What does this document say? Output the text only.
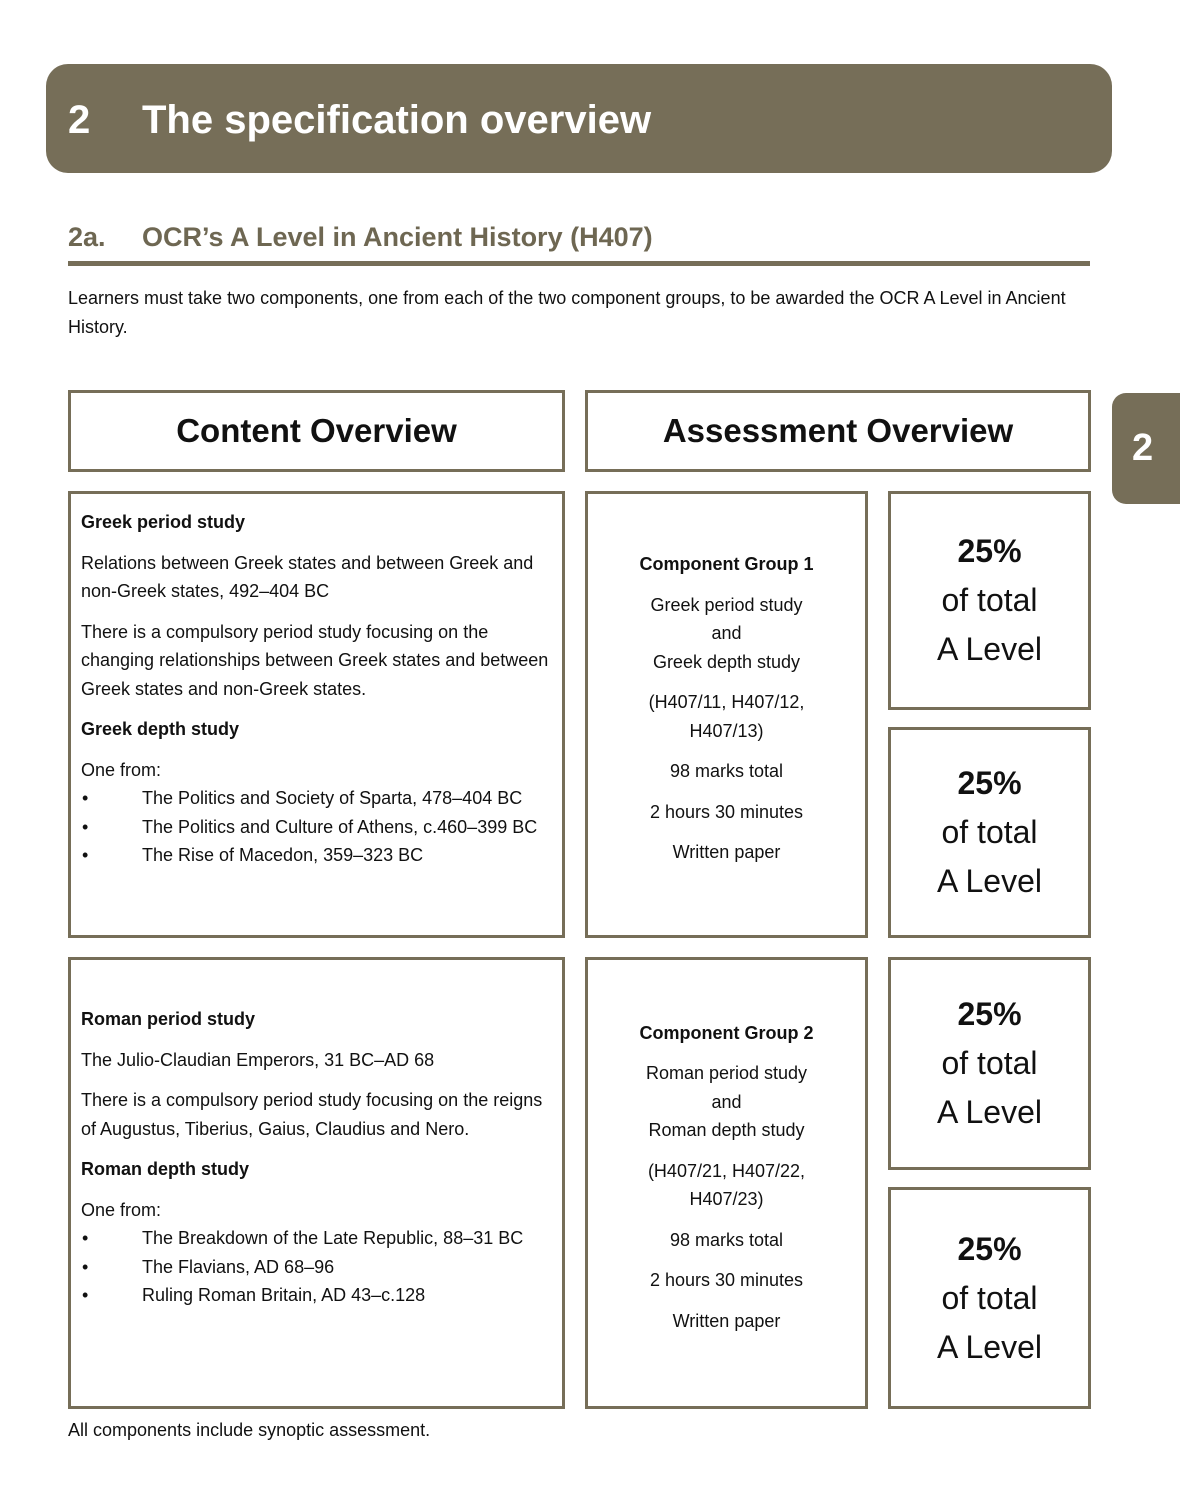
2 The specification overview
2
2a. OCR’s A Level in Ancient History (H407)
Learners must take two components, one from each of the two component groups, to be awarded the OCR A Level in Ancient History.
Content Overview	Assessment Overview

Greek period study

Relations between Greek states and between Greek and non-Greek states, 492–404 BC

There is a compulsory period study focusing on the changing relationships between Greek states and between Greek states and non-Greek states.

Greek depth study

One from:
• The Politics and Society of Sparta, 478–404 BC
• The Politics and Culture of Athens, c.460–399 BC
• The Rise of Macedon, 359–323 BC

Component Group 1

Greek period study
and
Greek depth study

(H407/11, H407/12, H407/13)

98 marks total

2 hours 30 minutes

Written paper

25%
of total
A Level
25%
of total
A Level

Roman period study

The Julio-Claudian Emperors, 31 BC–AD 68

There is a compulsory period study focusing on the reigns of Augustus, Tiberius, Gaius, Claudius and Nero.

Roman depth study

One from:
• The Breakdown of the Late Republic, 88–31 BC
• The Flavians, AD 68–96
• Ruling Roman Britain, AD 43–c.128

Component Group 2

Roman period study
and
Roman depth study

(H407/21, H407/22, H407/23)

98 marks total

2 hours 30 minutes

Written paper

25%
of total
A Level
25%
of total
A Level
All components include synoptic assessment.
